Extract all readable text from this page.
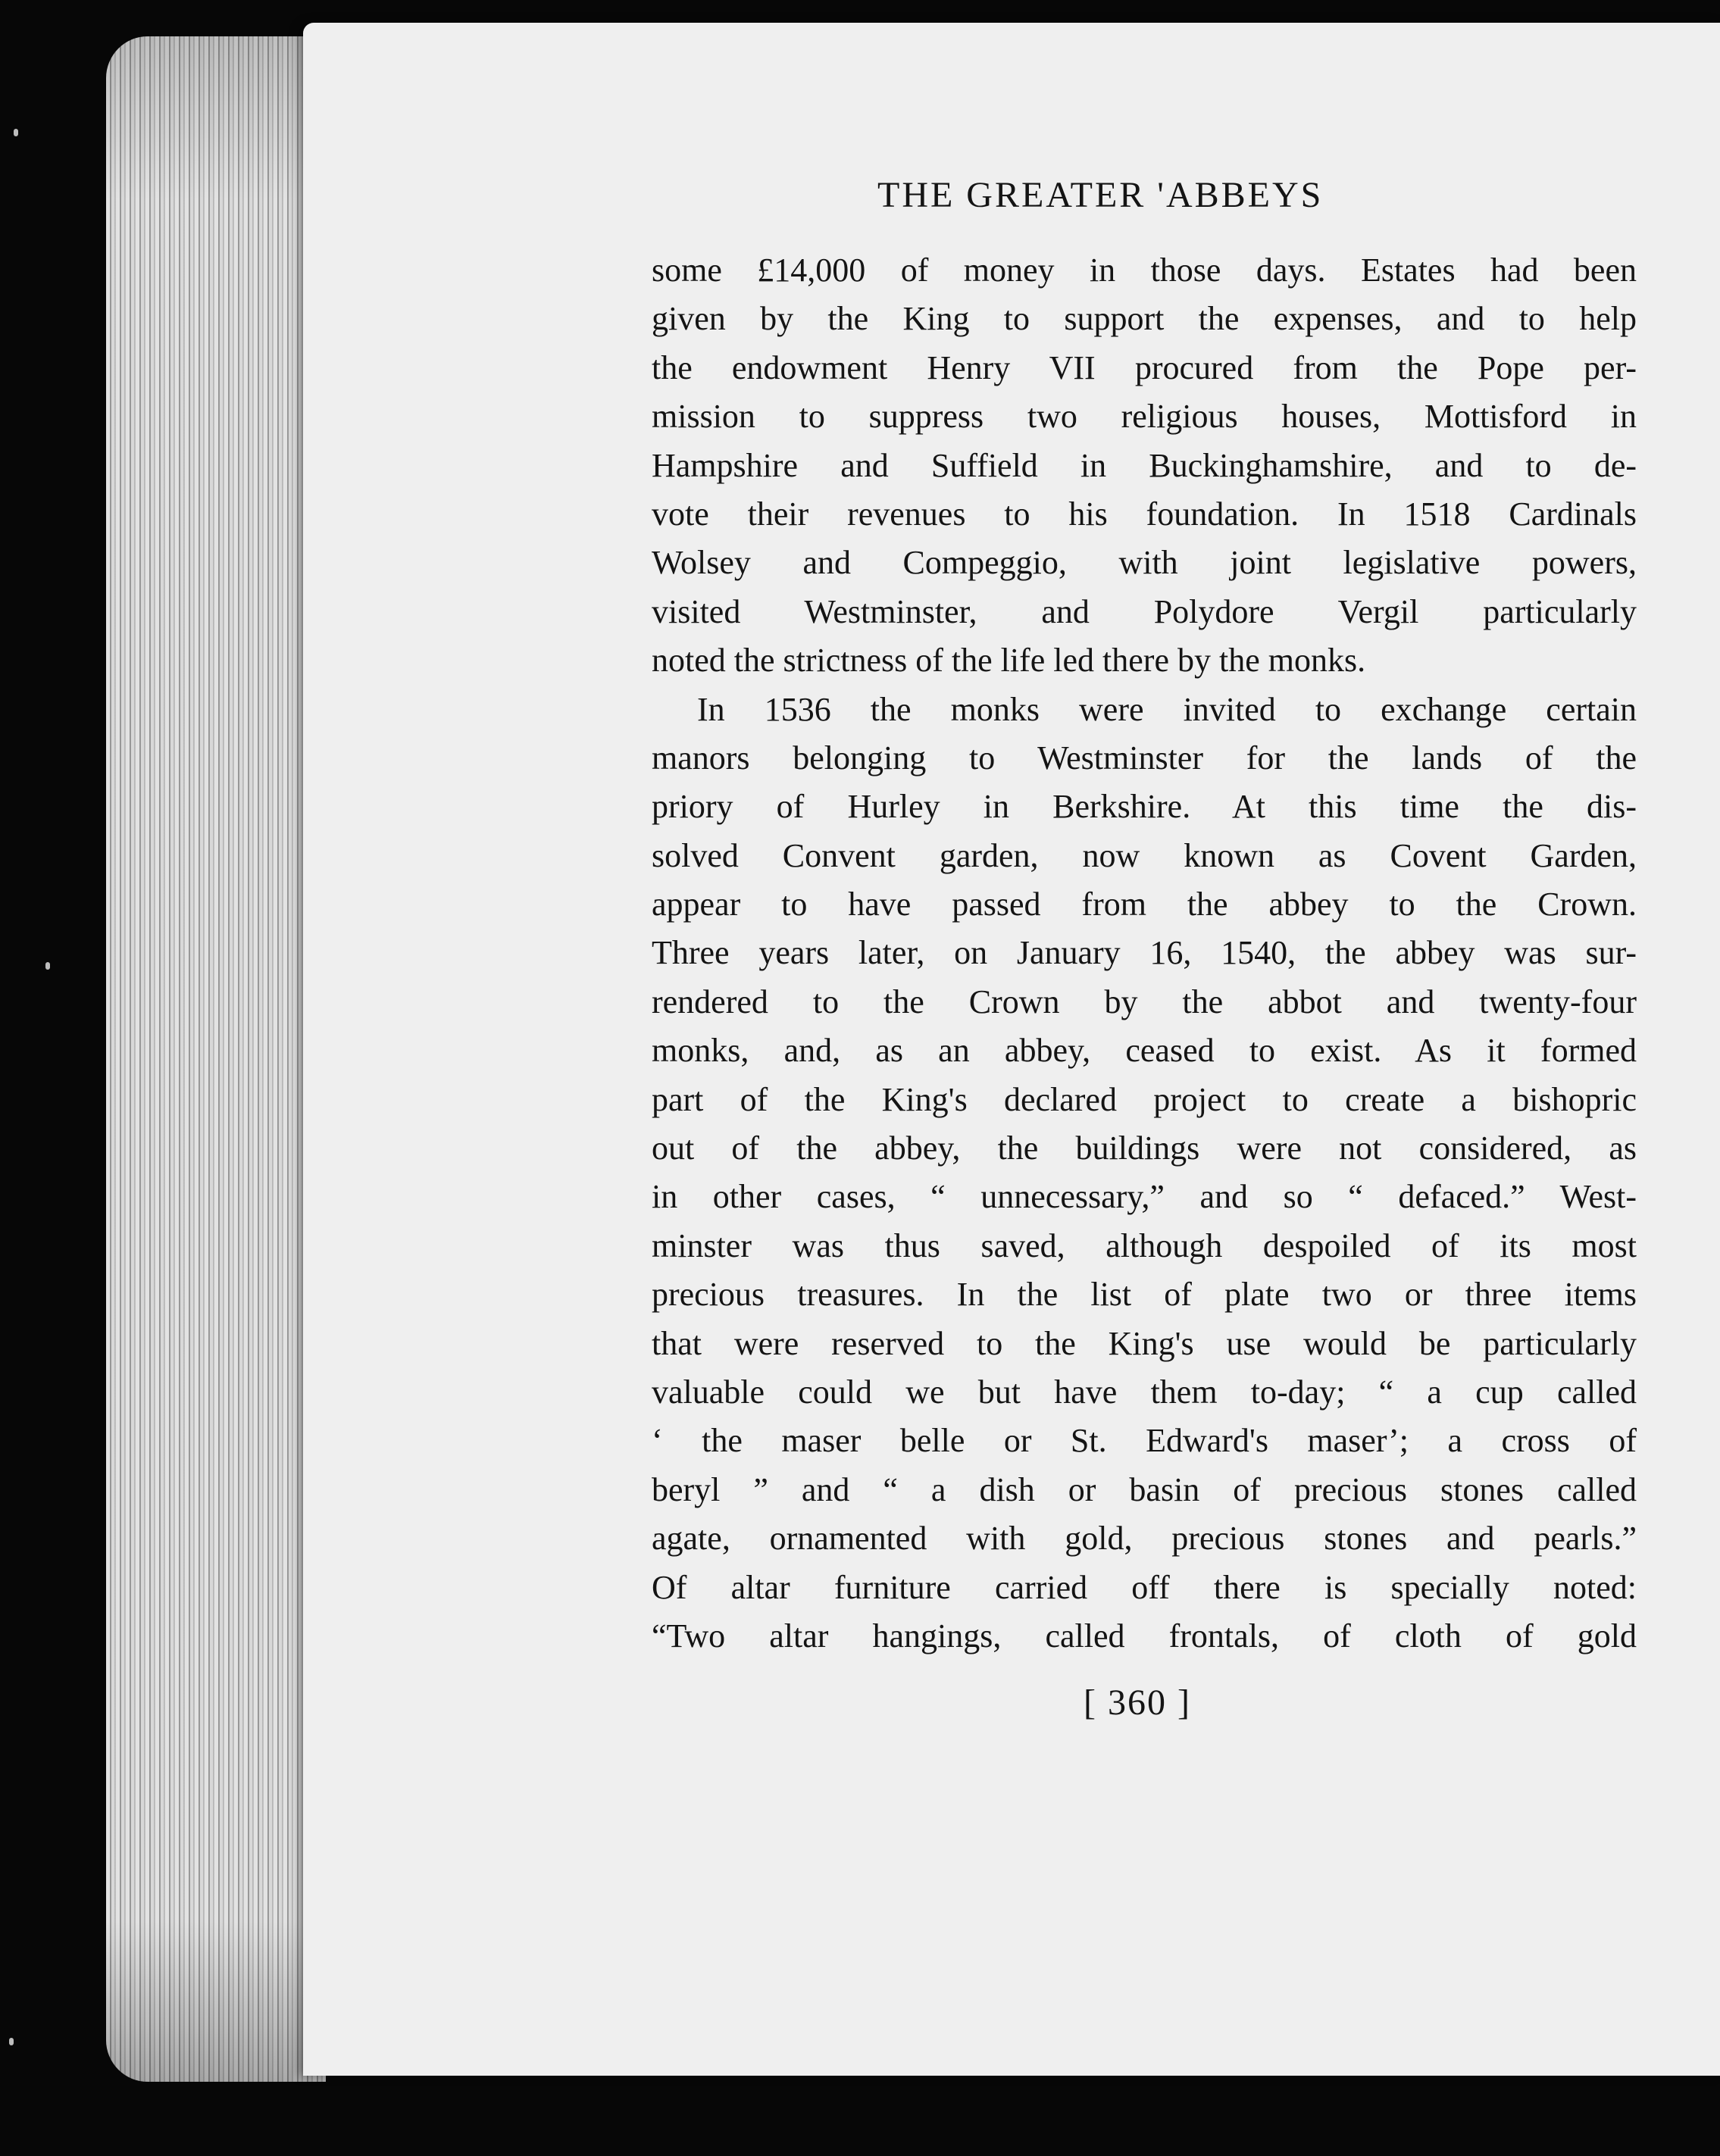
THE GREATER 'ABBEYS
some £14,000 of money in those days. Estates had been
given by the King to support the expenses, and to help
the endowment Henry VII procured from the Pope per-
mission to suppress two religious houses, Mottisford in
Hampshire and Suffield in Buckinghamshire, and to de-
vote their revenues to his foundation. In 1518 Cardinals
Wolsey and Compeggio, with joint legislative powers,
visited Westminster, and Polydore Vergil particularly
noted the strictness of the life led there by the monks.
In 1536 the monks were invited to exchange certain
manors belonging to Westminster for the lands of the
priory of Hurley in Berkshire. At this time the dis-
solved Convent garden, now known as Covent Garden,
appear to have passed from the abbey to the Crown.
Three years later, on January 16, 1540, the abbey was sur-
rendered to the Crown by the abbot and twenty-four
monks, and, as an abbey, ceased to exist. As it formed
part of the King's declared project to create a bishopric
out of the abbey, the buildings were not considered, as
in other cases, “ unnecessary,” and so “ defaced.” West-
minster was thus saved, although despoiled of its most
precious treasures. In the list of plate two or three items
that were reserved to the King's use would be particularly
valuable could we but have them to-day; “ a cup called
‘ the maser belle or St. Edward's maser’; a cross of
beryl ” and “ a dish or basin of precious stones called
agate, ornamented with gold, precious stones and pearls.”
Of altar furniture carried off there is specially noted:
“Two altar hangings, called frontals, of cloth of gold
[ 360 ]
